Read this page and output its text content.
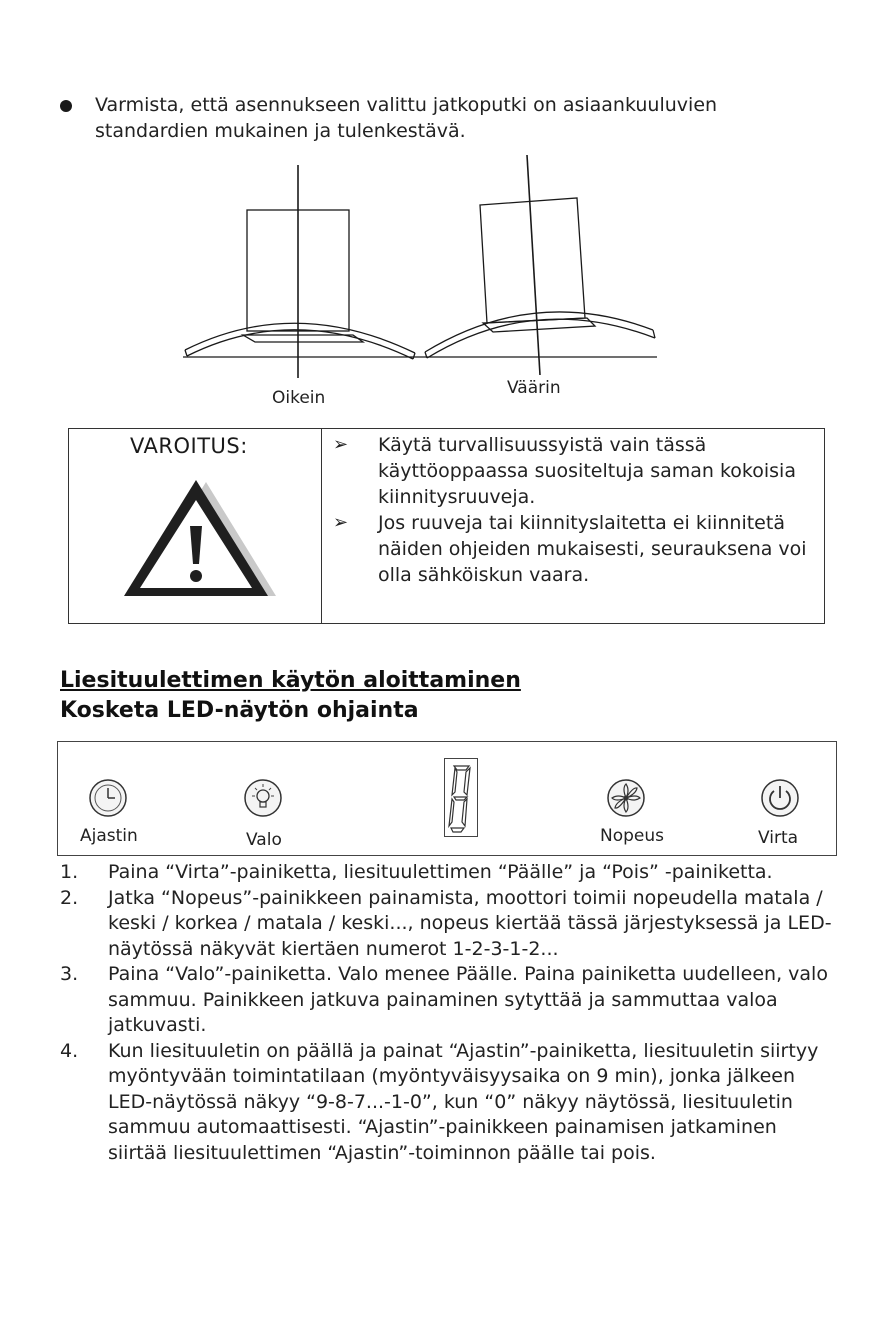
Varmista, että asennukseen valittu jatkoputki on asiaankuuluvien standardien mukainen ja tulenkestävä.
Oikein	Väärin
VAROITUS:	➢ Käytä turvallisuussyistä vain tässä käyttöoppaassa suositeltuja saman kokoisia kiinnitysruuveja.
➢ Jos ruuveja tai kiinnityslaitetta ei kiinnitetä näiden ohjeiden mukaisesti, seurauksena voi olla sähköiskun vaara.
Liesituulettimen käytön aloittaminen
Kosketa LED-näytön ohjainta
Ajastin	Valo	Nopeus	Virta
1. Paina “Virta”-painiketta, liesituulettimen “Päälle” ja “Pois” -painiketta.
2. Jatka “Nopeus”-painikkeen painamista, moottori toimii nopeudella matala / keski / korkea / matala / keski..., nopeus kiertää tässä järjestyksessä ja LED-näytössä näkyvät kiertäen numerot 1-2-3-1-2...
3. Paina “Valo”-painiketta. Valo menee Päälle. Paina painiketta uudelleen, valo sammuu. Painikkeen jatkuva painaminen sytyttää ja sammuttaa valoa jatkuvasti.
4. Kun liesituuletin on päällä ja painat “Ajastin”-painiketta, liesituuletin siirtyy myöntyvään toimintatilaan (myöntyväisyysaika on 9 min), jonka jälkeen LED-näytössä näkyy “9-8-7...-1-0”, kun “0” näkyy näytössä, liesituuletin sammuu automaattisesti. “Ajastin”-painikkeen painamisen jatkaminen siirtää liesituulettimen “Ajastin”-toiminnon päälle tai pois.
